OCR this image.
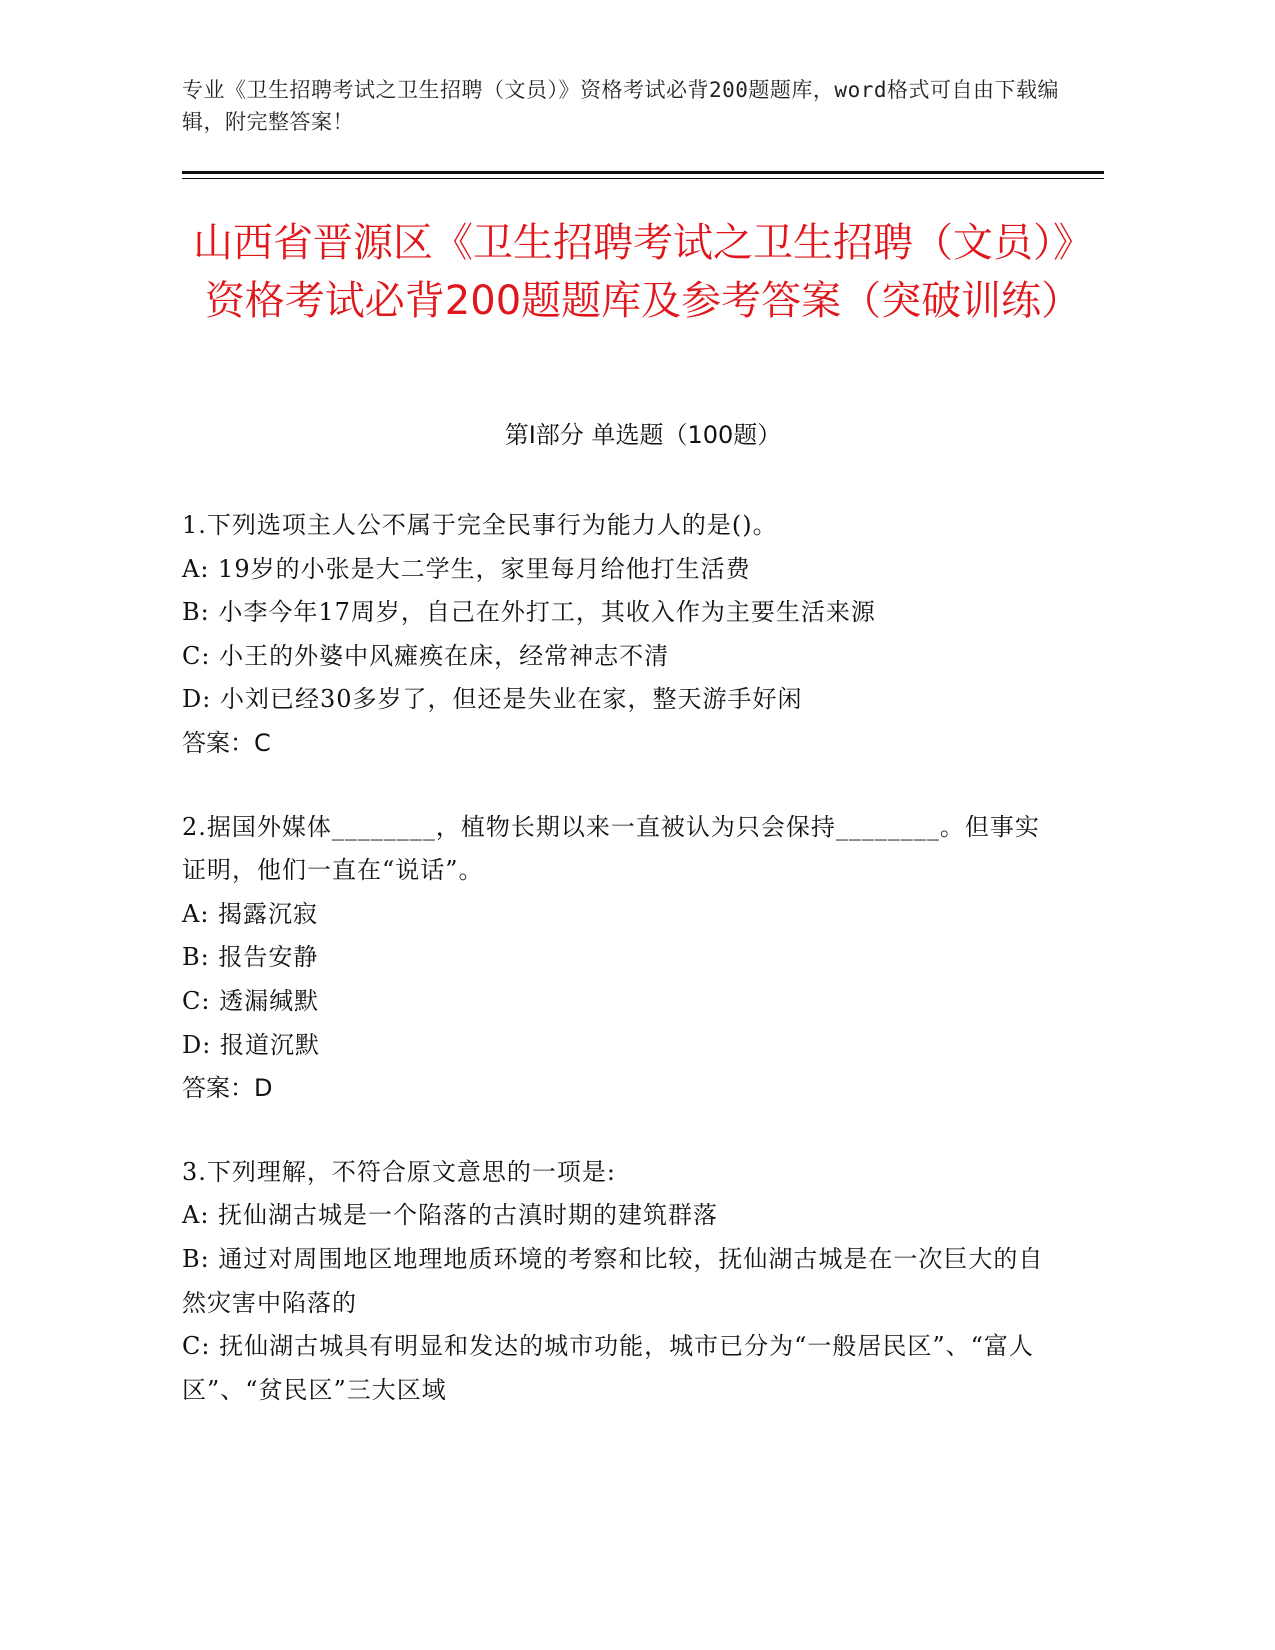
专业《卫生招聘考试之卫生招聘（文员）》资格考试必背200题题库，word格式可自由下载编辑，附完整答案！
山西省晋源区《卫生招聘考试之卫生招聘（文员）》资格考试必背200题题库及参考答案（突破训练）
第Ⅰ部分 单选题（100题）
1.下列选项主人公不属于完全民事行为能力人的是()。
A: 19岁的小张是大二学生，家里每月给他打生活费
B: 小李今年17周岁，自己在外打工，其收入作为主要生活来源
C: 小王的外婆中风瘫痪在床，经常神志不清
D: 小刘已经30多岁了，但还是失业在家，整天游手好闲
答案：C
2.据国外媒体________，植物长期以来一直被认为只会保持________。但事实证明，他们一直在“说话”。
A: 揭露沉寂
B: 报告安静
C: 透漏缄默
D: 报道沉默
答案：D
3.下列理解，不符合原文意思的一项是:
A: 抚仙湖古城是一个陷落的古滇时期的建筑群落
B: 通过对周围地区地理地质环境的考察和比较，抚仙湖古城是在一次巨大的自然灾害中陷落的
C: 抚仙湖古城具有明显和发达的城市功能，城市已分为“一般居民区”、“富人区”、“贫民区”三大区域
